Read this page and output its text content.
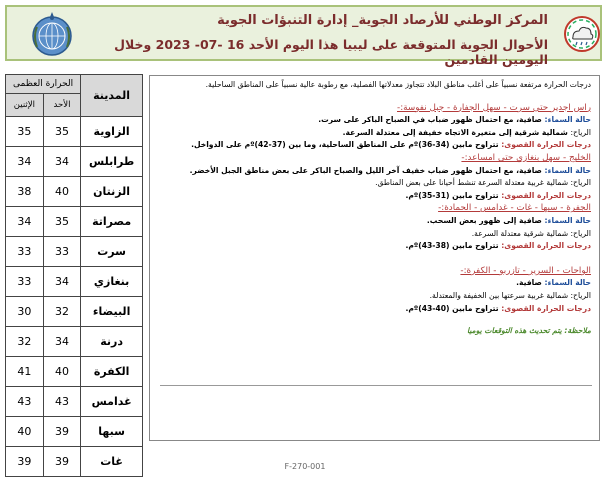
المركز الوطني للأرصاد الجوية_ إدارة التنبؤات الجوية
الأحوال الجوية المتوقعة على ليبيا هذا اليوم الأحد 16 -07- 2023 وخلال اليومين القادمين
الحرارة العظمى		المدينة
الإثنين	الأحد	
35	35	الزاوية
34	34	طرابلس
38	40	الزنتان
34	35	مصراتة
33	33	سرت
33	34	بنغازي
30	32	البيضاء
32	34	درنة
41	40	الكفرة
43	43	غدامس
40	39	سبها
39	39	غات

درجات الحرارة مرتفعة نسبياً على أغلب مناطق البلاد تتجاوز معدلاتها الفصلية، مع رطوبة عالية نسبياً على المناطق الساحلية.

راس اجدير حتى سرت - سهل الجفارة - جبل نفوسة:-

حالة السماء: صافية، مع احتمال ظهور ضباب في الصباح الباكر على سرت.

الرياح: شمالية شرقية إلى متغيرة الاتجاه خفيفة إلى معتدلة السرعة.

درجات الحرارة القصوى: تتراوح مابين (34-36)ºم على المناطق الساحلية، وما بين (37-42)ºم على الدواخل.

الخليج - سهل بنغازي حتى امساعد:-

حالة السماء: صافية، مع احتمال ظهور ضباب خفيف آخر الليل والصباح الباكر على بعض مناطق الجبل الأخضر.

الرياح: شمالية غربية معتدلة السرعة تنشط أحيانا على بعض المناطق.

درجات الحرارة القصوى: تتراوح مابين (31-35)ºم.

الجفرة - سبها - غات - غدامس - الحمادة:-

حالة السماء: صافية إلى ظهور بعض السحب.

الرياح: شمالية شرقية معتدلة السرعة.

درجات الحرارة القصوى: تتراوح مابين (38-43)ºم.

الواحات - السرير - تازربو - الكفرة:-

حالة السماء: صافية.

الرياح: شمالية غربية سرعتها بين الخفيفة والمعتدلة.

درجات الحرارة القصوى: تتراوح مابين (40-43)ºم.

ملاحظة: يتم تحديث هذه التوقعات يوميا

F-270-001
